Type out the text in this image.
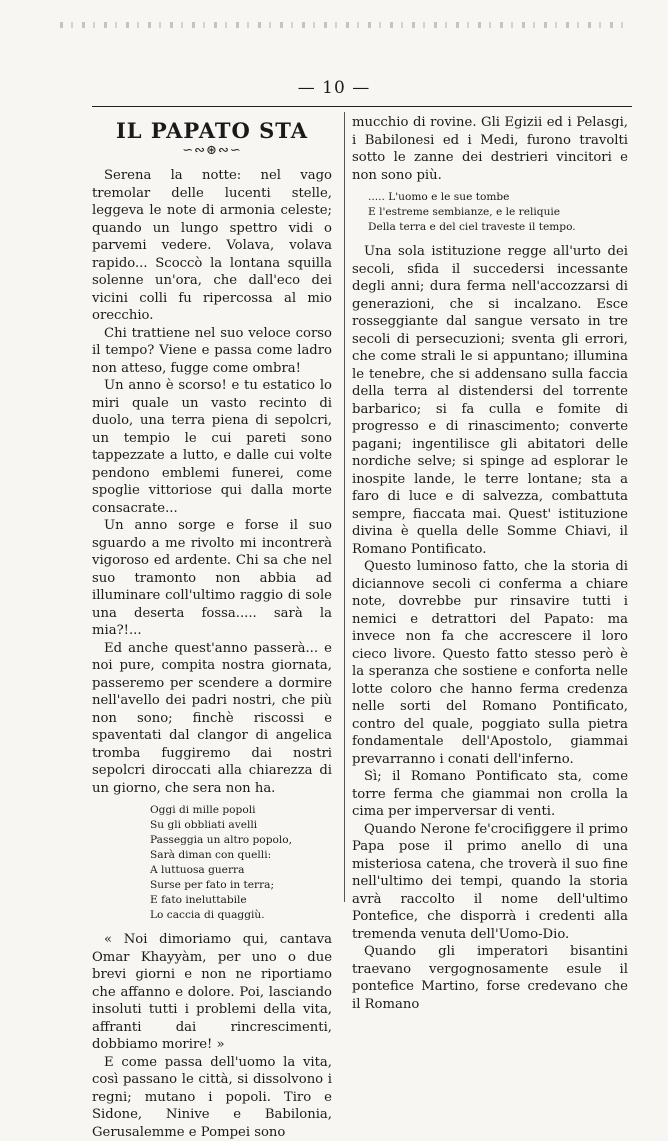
— 10 —
IL PAPATO STA
∽∾⊛∾∽

Serena la notte: nel vago tremolar delle lucenti stelle, leggeva le note di armonia celeste; quando un lungo spettro vidi o parvemi vedere. Volava, volava rapido... Scoccò la lontana squilla solenne un'ora, che dall'eco dei vicini colli fu ripercossa al mio orecchio.

Chi trattiene nel suo veloce corso il tempo? Viene e passa come ladro non atteso, fugge come ombra!

Un anno è scorso! e tu estatico lo miri quale un vasto recinto di duolo, una terra piena di sepolcri, un tempio le cui pareti sono tappezzate a lutto, e dalle cui volte pendono emblemi funerei, come spoglie vittoriose qui dalla morte consacrate...

Un anno sorge e forse il suo sguardo a me rivolto mi incontrerà vigoroso ed ardente. Chi sa che nel suo tramonto non abbia ad illuminare coll'ultimo raggio di sole una deserta fossa..... sarà la mia?!...

Ed anche quest'anno passerà... e noi pure, compita nostra giornata, passeremo per scendere a dormire nell'avello dei padri nostri, che più non sono; finchè riscossi e spaventati dal clangor di angelica tromba fuggiremo dai nostri sepolcri diroccati alla chiarezza di un giorno, che sera non ha.

Oggi di mille popoli
Su gli obbliati avelli
Passeggia un altro popolo,
Sarà diman con quelli:
A luttuosa guerra
Surse per fato in terra;
E fato ineluttabile
Lo caccia di quaggiù.

« Noi dimoriamo qui, cantava Omar Khayyàm, per uno o due brevi giorni e non ne riportiamo che affanno e dolore. Poi, lasciando insoluti tutti i problemi della vita, affranti dai rincrescimenti, dobbiamo morire! »

E come passa dell'uomo la vita, così passano le città, si dissolvono i regni; mutano i popoli. Tiro e Sidone, Ninive e Babilonia, Gerusalemme e Pompei sono

mucchio di rovine. Gli Egizii ed i Pelasgi, i Babilonesi ed i Medi, furono travolti sotto le zanne dei destrieri vincitori e non sono più.

..... L'uomo e le sue tombe
E l'estreme sembianze, e le reliquie
Della terra e del ciel traveste il tempo.

Una sola istituzione regge all'urto dei secoli, sfida il succedersi incessante degli anni; dura ferma nell'accozzarsi di generazioni, che si incalzano. Esce rosseggiante dal sangue versato in tre secoli di persecuzioni; sventa gli errori, che come strali le si appuntano; illumina le tenebre, che si addensano sulla faccia della terra al distendersi del torrente barbarico; si fa culla e fomite di progresso e di rinascimento; converte pagani; ingentilisce gli abitatori delle nordiche selve; si spinge ad esplorar le inospite lande, le terre lontane; sta a faro di luce e di salvezza, combattuta sempre, fiaccata mai. Quest' istituzione divina è quella delle Somme Chiavi, il Romano Pontificato.

Questo luminoso fatto, che la storia di diciannove secoli ci conferma a chiare note, dovrebbe pur rinsavire tutti i nemici e detrattori del Papato: ma invece non fa che accrescere il loro cieco livore. Questo fatto stesso però è la speranza che sostiene e conforta nelle lotte coloro che hanno ferma credenza nelle sorti del Romano Pontificato, contro del quale, poggiato sulla pietra fondamentale dell'Apostolo, giammai prevarranno i conati dell'inferno.

Sì; il Romano Pontificato sta, come torre ferma che giammai non crolla la cima per imperversar di venti.

Quando Nerone fe'crocifiggere il primo Papa pose il primo anello di una misteriosa catena, che troverà il suo fine nell'ultimo dei tempi, quando la storia avrà raccolto il nome dell'ultimo Pontefice, che disporrà i credenti alla tremenda venuta dell'Uomo-Dio.

Quando gli imperatori bisantini traevano vergognosamente esule il pontefice Martino, forse credevano che il Romano
